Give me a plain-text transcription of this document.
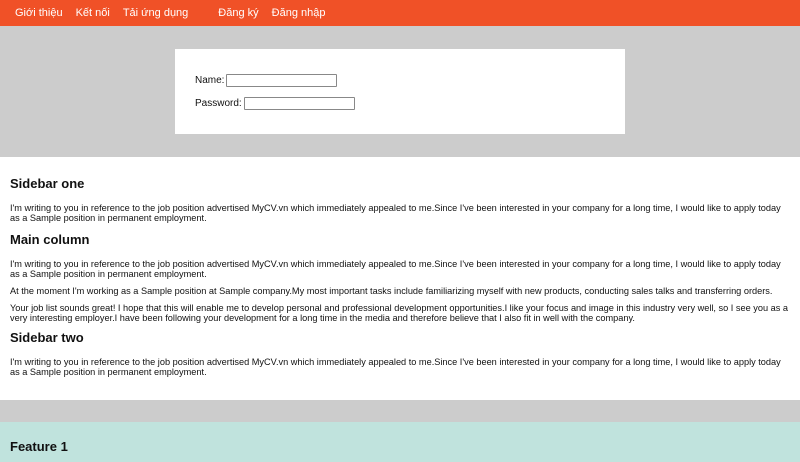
Giới thiệu Kết nối Tải ứng dụng	Đăng ký Đăng nhập
Name:
Password:
Sidebar one

I'm writing to you in reference to the job position advertised MyCV.vn which immediately appealed to me.Since I've been interested in your company for a long time, I would like to apply today as a Sample position in permanent employment.

Main column

I'm writing to you in reference to the job position advertised MyCV.vn which immediately appealed to me.Since I've been interested in your company for a long time, I would like to apply today as a Sample position in permanent employment.

At the moment I'm working as a Sample position at Sample company.My most important tasks include familiarizing myself with new products, conducting sales talks and transferring orders.

Your job list sounds great! I hope that this will enable me to develop personal and professional development opportunities.I like your focus and image in this industry very well, so I see you as a very interesting employer.I have been following your development for a long time in the media and therefore believe that I also fit in well with the company.

Sidebar two

I'm writing to you in reference to the job position advertised MyCV.vn which immediately appealed to me.Since I've been interested in your company for a long time, I would like to apply today as a Sample position in permanent employment.

Feature 1
